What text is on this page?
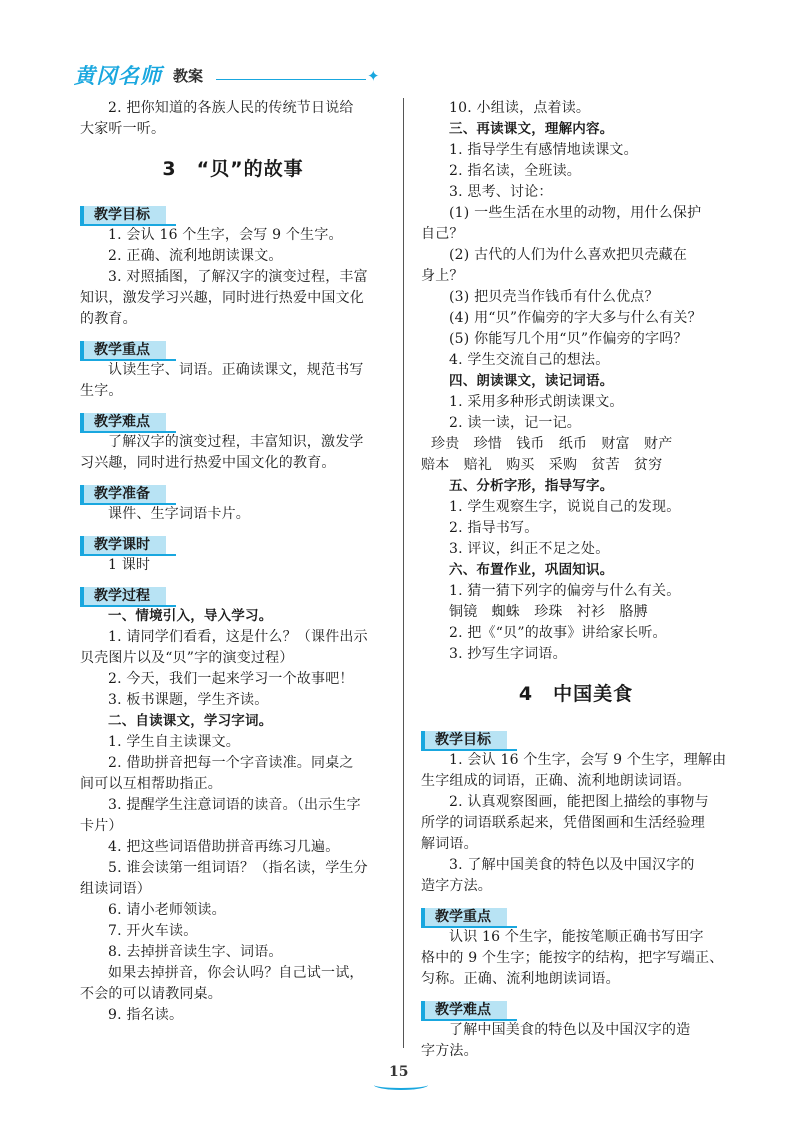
黄冈名师 教案	✦

2. 把你知道的各族人民的传统节日说给

大家听一听。

3　“贝”的故事
教学目标

1. 会认 16 个生字，会写 9 个生字。

2. 正确、流利地朗读课文。

3. 对照插图，了解汉字的演变过程，丰富

知识，激发学习兴趣，同时进行热爱中国文化

的教育。

教学重点

认读生字、词语。正确读课文，规范书写

生字。

教学难点

了解汉字的演变过程，丰富知识，激发学

习兴趣，同时进行热爱中国文化的教育。

教学准备

课件、生字词语卡片。

教学课时

1 课时

教学过程

一、情境引入，导入学习。

1. 请同学们看看，这是什么？（课件出示

贝壳图片以及“贝”字的演变过程）

2. 今天，我们一起来学习一个故事吧！

3. 板书课题，学生齐读。

二、自读课文，学习字词。

1. 学生自主读课文。

2. 借助拼音把每一个字音读准。同桌之

间可以互相帮助指正。

3. 提醒学生注意词语的读音。（出示生字

卡片）

4. 把这些词语借助拼音再练习几遍。

5. 谁会读第一组词语？（指名读，学生分

组读词语）

6. 请小老师领读。

7. 开火车读。

8. 去掉拼音读生字、词语。

如果去掉拼音，你会认吗？自己试一试，

不会的可以请教同桌。

9. 指名读。

10. 小组读，点着读。

三、再读课文，理解内容。

1. 指导学生有感情地读课文。

2. 指名读，全班读。

3. 思考、讨论：

(1) 一些生活在水里的动物，用什么保护

自己？

(2) 古代的人们为什么喜欢把贝壳藏在

身上？

(3) 把贝壳当作钱币有什么优点？

(4) 用“贝”作偏旁的字大多与什么有关？

(5) 你能写几个用“贝”作偏旁的字吗？

4. 学生交流自己的想法。

四、朗读课文，读记词语。

1. 采用多种形式朗读课文。

2. 读一读，记一记。

珍贵　珍惜　钱币　纸币　财富　财产

赔本　赔礼　购买　采购　贫苦　贫穷

五、分析字形，指导写字。

1. 学生观察生字，说说自己的发现。

2. 指导书写。

3. 评议，纠正不足之处。

六、布置作业，巩固知识。

1. 猜一猜下列字的偏旁与什么有关。

铜镜　蜘蛛　珍珠　衬衫　胳膊

2. 把《“贝”的故事》讲给家长听。

3. 抄写生字词语。

4　中国美食
教学目标

1. 会认 16 个生字，会写 9 个生字，理解由

生字组成的词语，正确、流利地朗读词语。

2. 认真观察图画，能把图上描绘的事物与

所学的词语联系起来，凭借图画和生活经验理

解词语。

3. 了解中国美食的特色以及中国汉字的

造字方法。

教学重点

认识 16 个生字，能按笔顺正确书写田字

格中的 9 个生字；能按字的结构，把字写端正、

匀称。正确、流利地朗读词语。

教学难点

了解中国美食的特色以及中国汉字的造

字方法。

15
